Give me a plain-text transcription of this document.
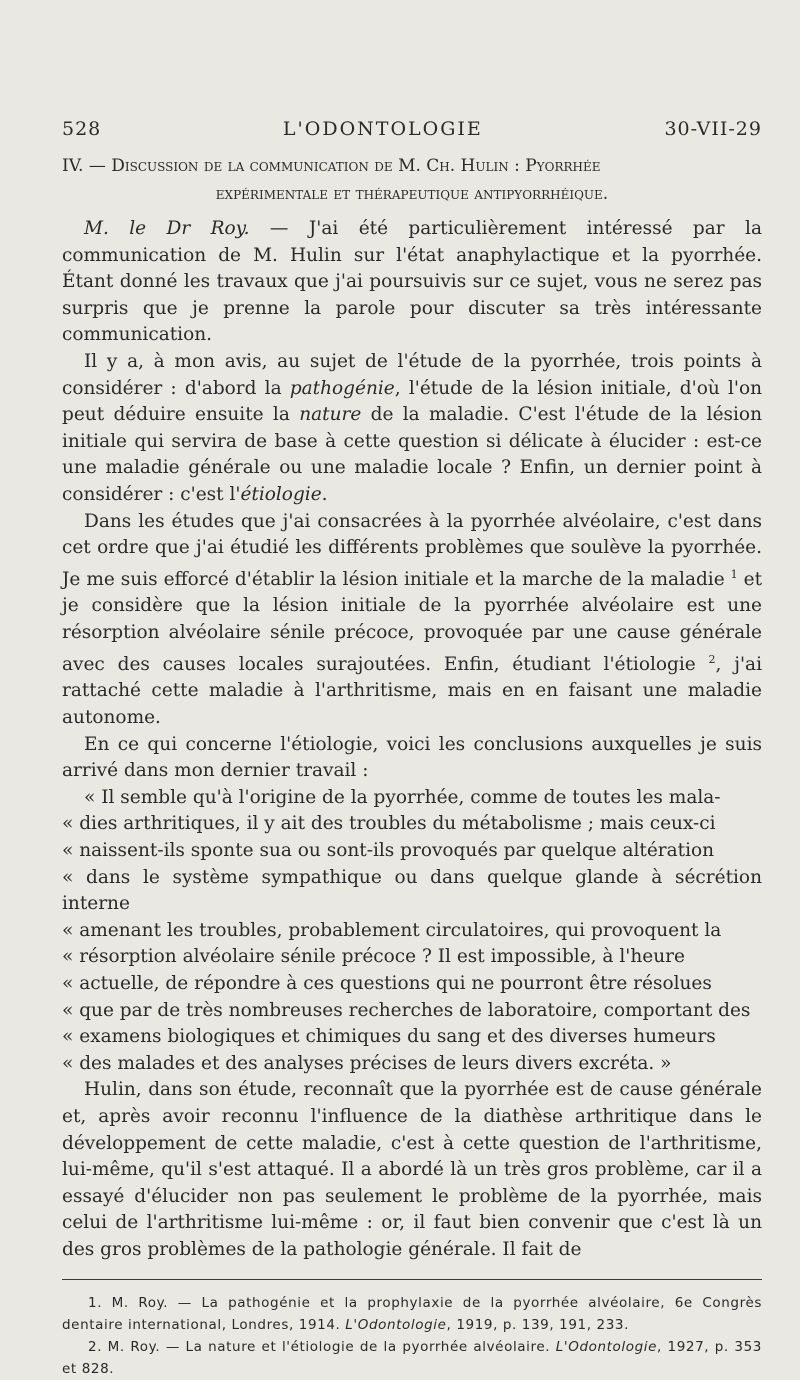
528	L'ODONTOLOGIE	30-VII-29
IV. — Discussion de la communication de M. Ch. Hulin : Pyorrhée
expérimentale et thérapeutique antipyorrhéique.

M. le Dr Roy. — J'ai été particulièrement intéressé par la communication de M. Hulin sur l'état anaphylactique et la pyorrhée. Étant donné les travaux que j'ai poursuivis sur ce sujet, vous ne serez pas surpris que je prenne la parole pour discuter sa très intéressante communication.

Il y a, à mon avis, au sujet de l'étude de la pyorrhée, trois points à considérer : d'abord la pathogénie, l'étude de la lésion initiale, d'où l'on peut déduire ensuite la nature de la maladie. C'est l'étude de la lésion initiale qui servira de base à cette question si délicate à élucider : est-ce une maladie générale ou une maladie locale ? Enfin, un dernier point à considérer : c'est l'étiologie.

Dans les études que j'ai consacrées à la pyorrhée alvéolaire, c'est dans cet ordre que j'ai étudié les différents problèmes que soulève la pyorrhée. Je me suis efforcé d'établir la lésion initiale et la marche de la maladie $^1$ et je considère que la lésion initiale de la pyorrhée alvéolaire est une résorption alvéolaire sénile précoce, provoquée par une cause générale avec des causes locales surajoutées. Enfin, étudiant l'étiologie $^2$, j'ai rattaché cette maladie à l'arthritisme, mais en en faisant une maladie autonome.

En ce qui concerne l'étiologie, voici les conclusions auxquelles je suis arrivé dans mon dernier travail :

« Il semble qu'à l'origine de la pyorrhée, comme de toutes les mala-
« dies arthritiques, il y ait des troubles du métabolisme ; mais ceux-ci
« naissent-ils sponte sua ou sont-ils provoqués par quelque altération
« dans le système sympathique ou dans quelque glande à sécrétion interne
« amenant les troubles, probablement circulatoires, qui provoquent la
« résorption alvéolaire sénile précoce ? Il est impossible, à l'heure
« actuelle, de répondre à ces questions qui ne pourront être résolues
« que par de très nombreuses recherches de laboratoire, comportant des
« examens biologiques et chimiques du sang et des diverses humeurs
« des malades et des analyses précises de leurs divers excréta. »

Hulin, dans son étude, reconnaît que la pyorrhée est de cause générale et, après avoir reconnu l'influence de la diathèse arthritique dans le développement de cette maladie, c'est à cette question de l'arthritisme, lui-même, qu'il s'est attaqué. Il a abordé là un très gros problème, car il a essayé d'élucider non pas seulement le problème de la pyorrhée, mais celui de l'arthritisme lui-même : or, il faut bien convenir que c'est là un des gros problèmes de la pathologie générale. Il fait de

1. M. Roy. — La pathogénie et la prophylaxie de la pyorrhée alvéolaire, 6e Congrès dentaire international, Londres, 1914. L'Odontologie, 1919, p. 139, 191, 233.

2. M. Roy. — La nature et l'étiologie de la pyorrhée alvéolaire. L'Odontologie, 1927, p. 353 et 828.
